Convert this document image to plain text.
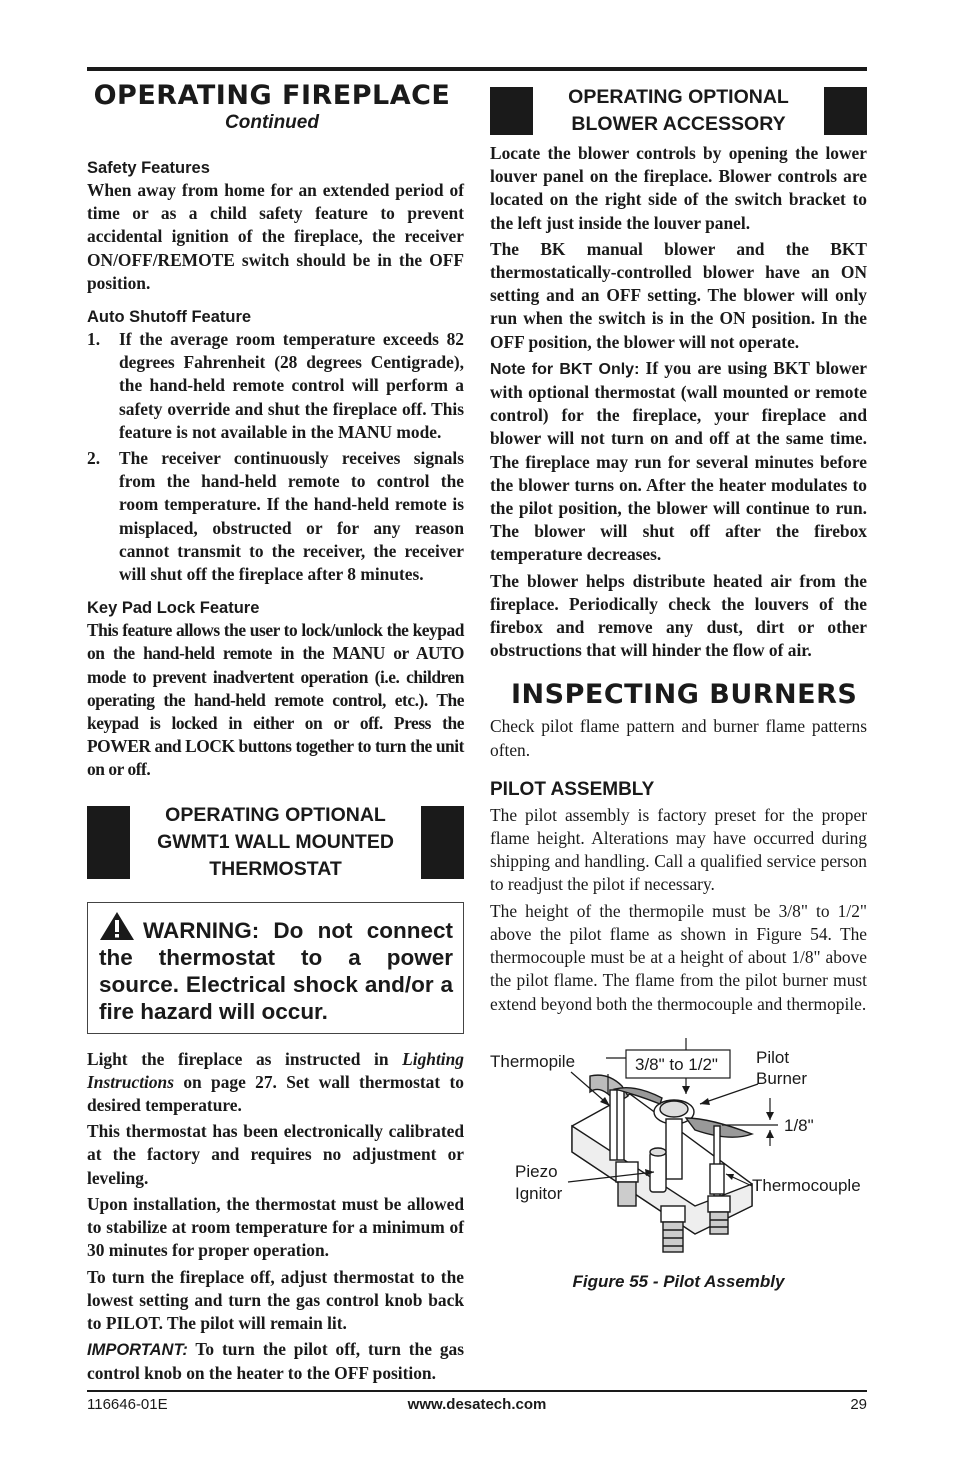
OPERATING FIREPLACE
Continued
Safety Features

When away from home for an extended period of time or as a child safety feature to prevent accidental ignition of the fireplace, the receiver ON/OFF/REMOTE switch should be in the OFF position.

Auto Shutoff Feature
1.	If the average room temperature exceeds 82 degrees Fahrenheit (28 degrees Centigrade), the hand-held remote control will perform a safety override and shut the fireplace off. This feature is not available in the MANU mode.

2.	The receiver continuously receives signals from the hand-held remote to control the room temperature. If the hand-held remote is misplaced, obstructed or for any reason cannot transmit to the receiver, the receiver will shut off the fireplace after 8 minutes.

Key Pad Lock Feature

This feature allows the user to lock/unlock the keypad on the hand-held remote in the MANU or AUTO mode to prevent inadvertent operation (i.e. children operating the hand-held remote control, etc.). The keypad is locked in either on or off. Press the POWER and LOCK buttons together to turn the unit on or off.

OPERATING OPTIONAL
GWMT1 WALL MOUNTED
THERMOSTAT

WARNING: Do not connect the thermostat to a power source. Electrical shock and/or a fire hazard will occur.

Light the fireplace as instructed in Lighting Instructions on page 27. Set wall thermostat to desired temperature.

This thermostat has been electronically calibrated at the factory and requires no adjustment or leveling.

Upon installation, the thermostat must be allowed to stabilize at room temperature for a minimum of 30 minutes for proper operation.

To turn the fireplace off, adjust thermostat to the lowest setting and turn the gas control knob back to PILOT. The pilot will remain lit.

IMPORTANT: To turn the pilot off, turn the gas control knob on the heater to the OFF position.

OPERATING OPTIONAL
BLOWER ACCESSORY

Locate the blower controls by opening the lower louver panel on the fireplace. Blower controls are located on the right side of the switch bracket to the left just inside the louver panel.

The BK manual blower and the BKT thermostatically-controlled blower have an ON setting and an OFF setting. The blower will only run when the switch is in the ON position. In the OFF position, the blower will not operate.

Note for BKT Only: If you are using BKT blower with optional thermostat (wall mounted or remote control) for the fireplace, your fireplace and blower will not turn on and off at the same time. The fireplace may run for several minutes before the blower turns on. After the heater modulates to the pilot position, the blower will continue to run. The blower will shut off after the firebox temperature decreases.

The blower helps distribute heated air from the fireplace. Periodically check the louvers of the firebox and remove any dust, dirt or other obstructions that will hinder the flow of air.

INSPECTING BURNERS

Check pilot flame pattern and burner flame patterns often.

PILOT ASSEMBLY

The pilot assembly is factory preset for the proper flame height. Alterations may have occurred during shipping and handling. Call a qualified service person to readjust the pilot if necessary.

The height of the thermopile must be 3/8" to 1/2" above the pilot flame as shown in Figure 54. The thermocouple must be at a height of about 1/8" above the pilot flame. The flame from the pilot burner must extend beyond both the thermocouple and thermopile.

Thermopile	3/8" to 1/2" Pilot
Burner
1/8"
Piezo
Ignitor	Thermocouple
Figure 55 - Pilot Assembly
116646-01E	www.desatech.com	29
